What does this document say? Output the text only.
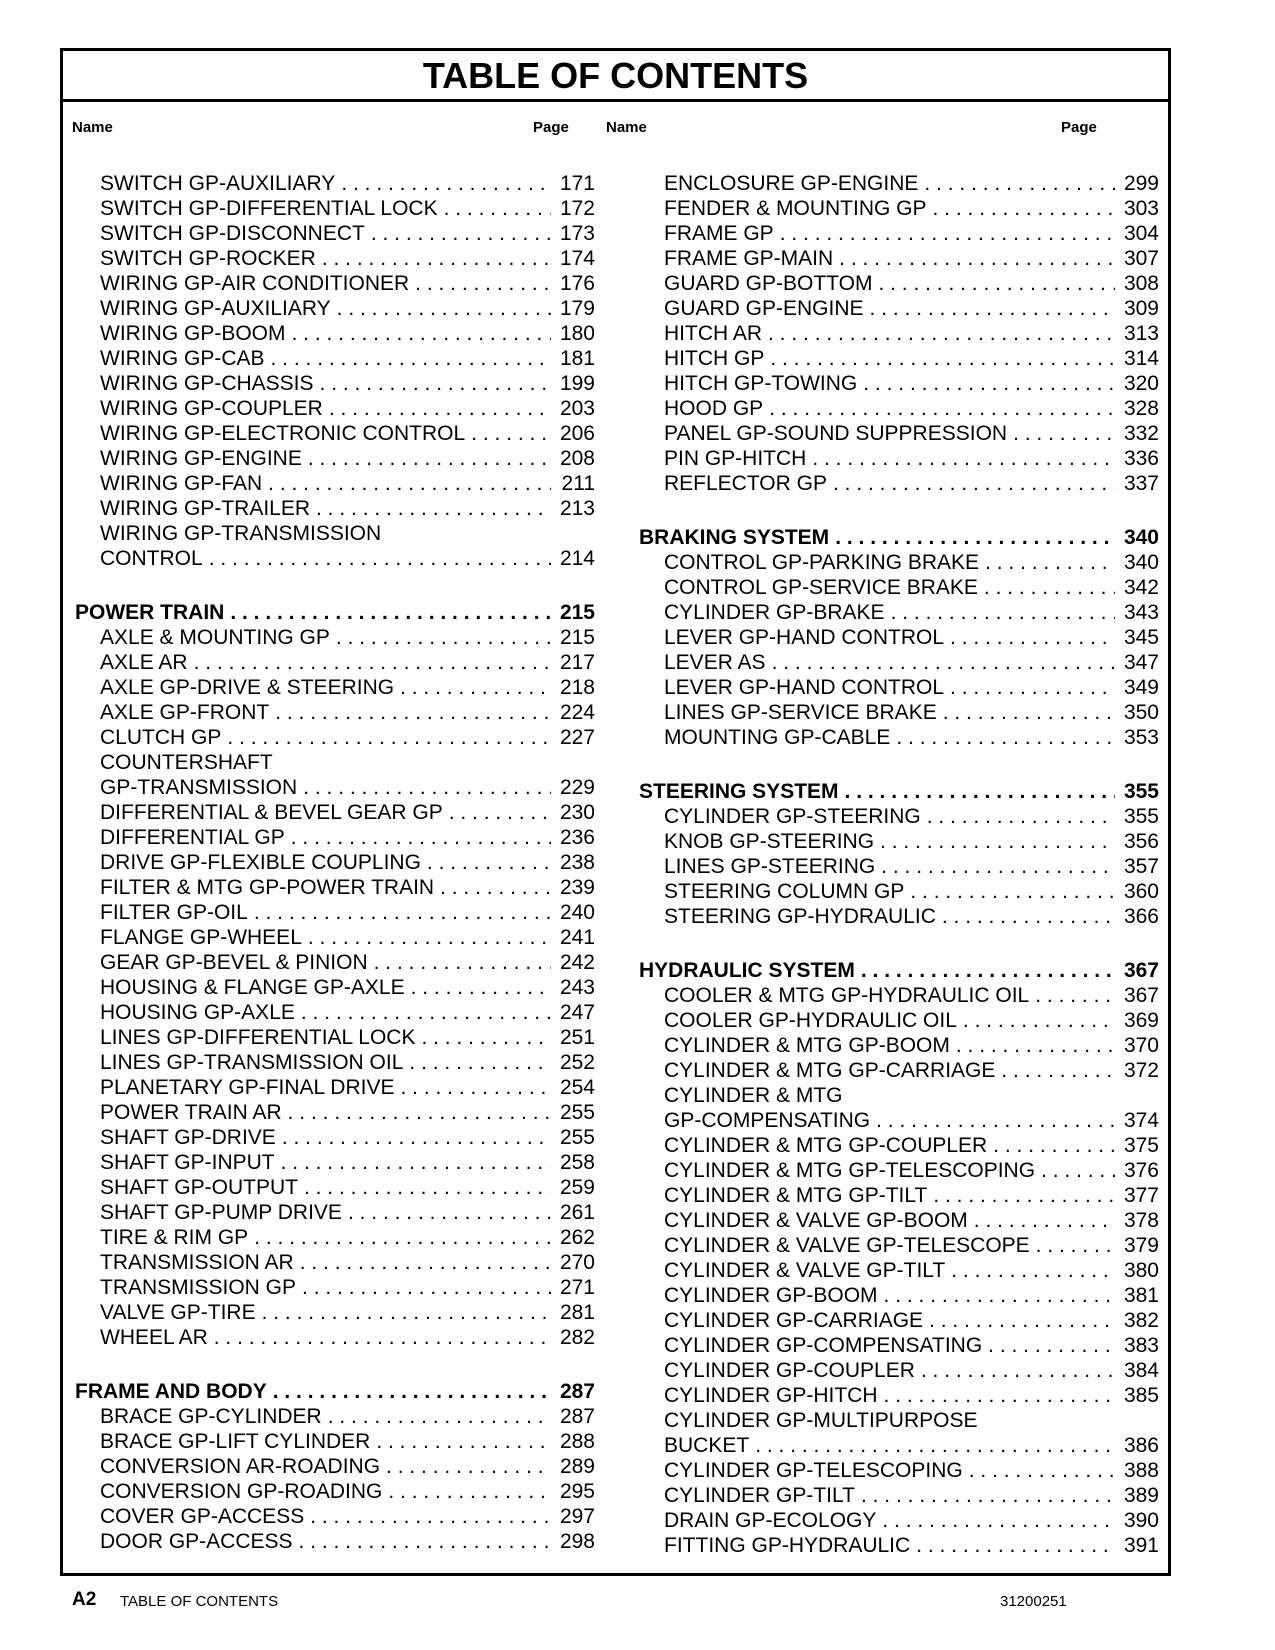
TABLE OF CONTENTS
Name	Page Name	Page
SWITCH GP-AUXILIARY . . .	171
SWITCH GP-DIFFERENTIAL LOCK . . .	172
SWITCH GP-DISCONNECT . . .	173
SWITCH GP-ROCKER . . .	174
WIRING GP-AIR CONDITIONER . . .	176
WIRING GP-AUXILIARY . . .	179
WIRING GP-BOOM . . .	180
WIRING GP-CAB . . .	181
WIRING GP-CHASSIS . . .	199
WIRING GP-COUPLER . . .	203
WIRING GP-ELECTRONIC CONTROL . . .	206
WIRING GP-ENGINE . . .	208
WIRING GP-FAN . . .	211
WIRING GP-TRAILER . . .	213
WIRING GP-TRANSMISSION
CONTROL . . .	214
POWER TRAIN . . .	215
AXLE & MOUNTING GP . . .	215
AXLE AR . . .	217
AXLE GP-DRIVE & STEERING . . .	218
AXLE GP-FRONT . . .	224
CLUTCH GP . . .	227
COUNTERSHAFT
GP-TRANSMISSION . . .	229
DIFFERENTIAL & BEVEL GEAR GP . . .	230
DIFFERENTIAL GP . . .	236
DRIVE GP-FLEXIBLE COUPLING . . .	238
FILTER & MTG GP-POWER TRAIN . . .	239
FILTER GP-OIL . . .	240
FLANGE GP-WHEEL . . .	241
GEAR GP-BEVEL & PINION . . .	242
HOUSING & FLANGE GP-AXLE . . .	243
HOUSING GP-AXLE . . .	247
LINES GP-DIFFERENTIAL LOCK . . .	251
LINES GP-TRANSMISSION OIL . . .	252
PLANETARY GP-FINAL DRIVE . . .	254
POWER TRAIN AR . . .	255
SHAFT GP-DRIVE . . .	255
SHAFT GP-INPUT . . .	258
SHAFT GP-OUTPUT . . .	259
SHAFT GP-PUMP DRIVE . . .	261
TIRE & RIM GP . . .	262
TRANSMISSION AR . . .	270
TRANSMISSION GP . . .	271
VALVE GP-TIRE . . .	281
WHEEL AR . . .	282
FRAME AND BODY . . .	287
BRACE GP-CYLINDER . . .	287
BRACE GP-LIFT CYLINDER . . .	288
CONVERSION AR-ROADING . . .	289
CONVERSION GP-ROADING . . .	295
COVER GP-ACCESS . . .	297
DOOR GP-ACCESS . . .	298
ENCLOSURE GP-ENGINE . . .	299
FENDER & MOUNTING GP . . .	303
FRAME GP . . .	304
FRAME GP-MAIN . . .	307
GUARD GP-BOTTOM . . .	308
GUARD GP-ENGINE . . .	309
HITCH AR . . .	313
HITCH GP . . .	314
HITCH GP-TOWING . . .	320
HOOD GP . . .	328
PANEL GP-SOUND SUPPRESSION . . .	332
PIN GP-HITCH . . .	336
REFLECTOR GP . . .	337
BRAKING SYSTEM . . .	340
CONTROL GP-PARKING BRAKE . . .	340
CONTROL GP-SERVICE BRAKE . . .	342
CYLINDER GP-BRAKE . . .	343
LEVER GP-HAND CONTROL . . .	345
LEVER AS . . .	347
LEVER GP-HAND CONTROL . . .	349
LINES GP-SERVICE BRAKE . . .	350
MOUNTING GP-CABLE . . .	353
STEERING SYSTEM . . .	355
CYLINDER GP-STEERING . . .	355
KNOB GP-STEERING . . .	356
LINES GP-STEERING . . .	357
STEERING COLUMN GP . . .	360
STEERING GP-HYDRAULIC . . .	366
HYDRAULIC SYSTEM . . .	367
COOLER & MTG GP-HYDRAULIC OIL . . .	367
COOLER GP-HYDRAULIC OIL . . .	369
CYLINDER & MTG GP-BOOM . . .	370
CYLINDER & MTG GP-CARRIAGE . . .	372
CYLINDER & MTG
GP-COMPENSATING . . .	374
CYLINDER & MTG GP-COUPLER . . .	375
CYLINDER & MTG GP-TELESCOPING . . .	376
CYLINDER & MTG GP-TILT . . .	377
CYLINDER & VALVE GP-BOOM . . .	378
CYLINDER & VALVE GP-TELESCOPE . . .	379
CYLINDER & VALVE GP-TILT . . .	380
CYLINDER GP-BOOM . . .	381
CYLINDER GP-CARRIAGE . . .	382
CYLINDER GP-COMPENSATING . . .	383
CYLINDER GP-COUPLER . . .	384
CYLINDER GP-HITCH . . .	385
CYLINDER GP-MULTIPURPOSE
BUCKET . . .	386
CYLINDER GP-TELESCOPING . . .	388
CYLINDER GP-TILT . . .	389
DRAIN GP-ECOLOGY . . .	390
FITTING GP-HYDRAULIC . . .	391
A2 TABLE OF CONTENTS	31200251
